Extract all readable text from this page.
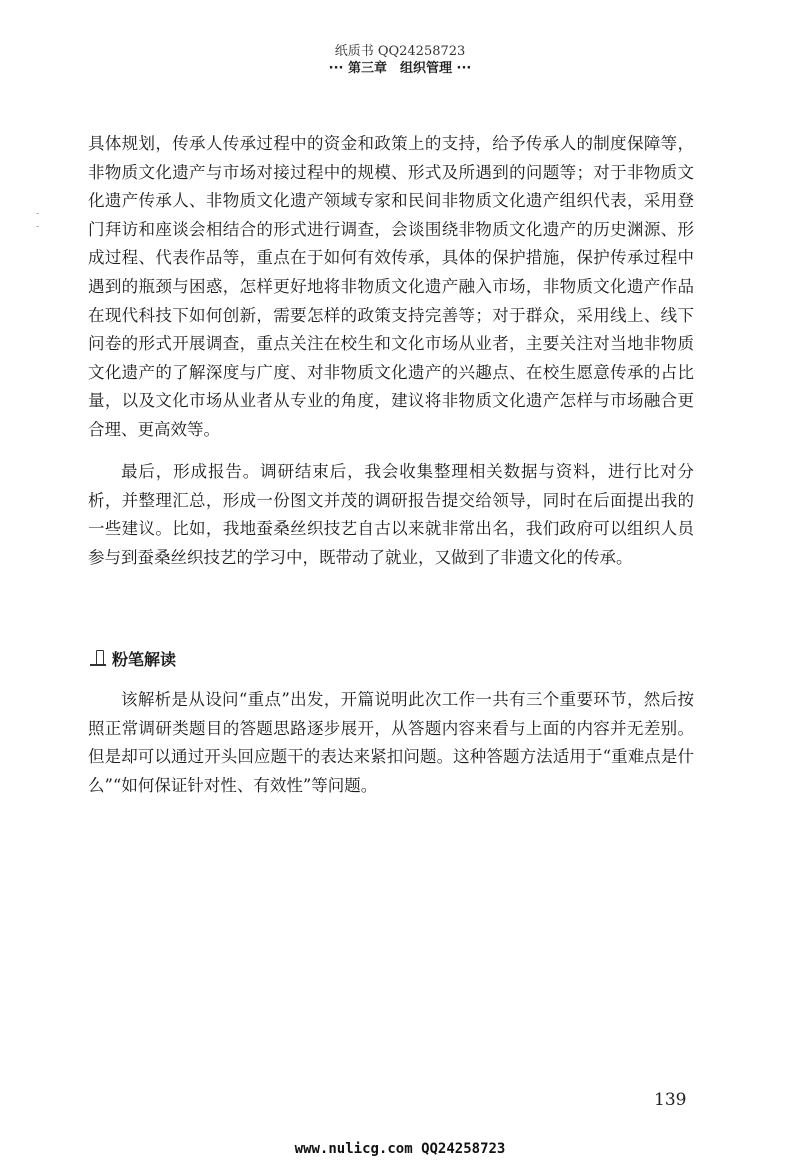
纸质书 QQ24258723
··· 第三章　组织管理 ···

具体规划，传承人传承过程中的资金和政策上的支持，给予传承人的制度保障等，非物质文化遗产与市场对接过程中的规模、形式及所遇到的问题等；对于非物质文化遗产传承人、非物质文化遗产领域专家和民间非物质文化遗产组织代表，采用登门拜访和座谈会相结合的形式进行调查，会谈围绕非物质文化遗产的历史渊源、形成过程、代表作品等，重点在于如何有效传承，具体的保护措施，保护传承过程中遇到的瓶颈与困惑，怎样更好地将非物质文化遗产融入市场，非物质文化遗产作品在现代科技下如何创新，需要怎样的政策支持完善等；对于群众，采用线上、线下问卷的形式开展调查，重点关注在校生和文化市场从业者，主要关注对当地非物质文化遗产的了解深度与广度、对非物质文化遗产的兴趣点、在校生愿意传承的占比量，以及文化市场从业者从专业的角度，建议将非物质文化遗产怎样与市场融合更合理、更高效等。

最后，形成报告。调研结束后，我会收集整理相关数据与资料，进行比对分析，并整理汇总，形成一份图文并茂的调研报告提交给领导，同时在后面提出我的一些建议。比如，我地蚕桑丝织技艺自古以来就非常出名，我们政府可以组织人员参与到蚕桑丝织技艺的学习中，既带动了就业，又做到了非遗文化的传承。

粉笔解读

该解析是从设问“重点”出发，开篇说明此次工作一共有三个重要环节，然后按照正常调研类题目的答题思路逐步展开，从答题内容来看与上面的内容并无差别。但是却可以通过开头回应题干的表达来紧扣问题。这种答题方法适用于“重难点是什么”“如何保证针对性、有效性”等问题。

139
www.nulicg.com QQ24258723
